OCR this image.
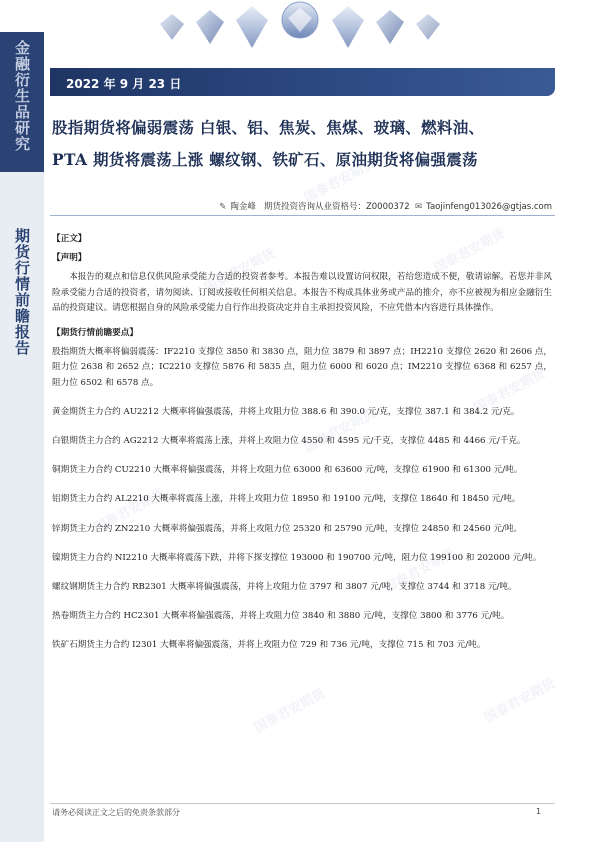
金融衍生品研究
期货行情前瞻报告
2022 年 9 月 23 日
股指期货将偏弱震荡 白银、铝、焦炭、焦煤、玻璃、燃料油、
PTA 期货将震荡上涨 螺纹钢、铁矿石、原油期货将偏强震荡
✎ 陶金峰 期货投资咨询从业资格号：Z0000372 ✉ Taojinfeng013026@gtjas.com
国泰君安期货
国泰君安期货	国泰君安期货
国泰君安期货
国泰君安期货
国泰君安期货
国泰君安期货
国泰君安期货
国泰君安期货
【正文】
【声明】

本报告的观点和信息仅供风险承受能力合适的投资者参考。本报告难以设置访问权限，若给您造成不便，敬请谅解。若您并非风险承受能力合适的投资者，请勿阅读、订阅或接收任何相关信息。本报告不构成具体业务或产品的推介，亦不应被视为相应金融衍生品的投资建议。请您根据自身的风险承受能力自行作出投资决定并自主承担投资风险，不应凭借本内容进行具体操作。

【期货行情前瞻要点】

股指期货大概率将偏弱震荡：IF2210 支撑位 3850 和 3830 点，阻力位 3879 和 3897 点；IH2210 支撑位 2620 和 2606 点，阻力位 2638 和 2652 点；IC2210 支撑位 5876 和 5835 点，阻力位 6000 和 6020 点；IM2210 支撑位 6368 和 6257 点，阻力位 6502 和 6578 点。

黄金期货主力合约 AU2212 大概率将偏强震荡，并将上攻阻力位 388.6 和 390.0 元/克，支撑位 387.1 和 384.2 元/克。

白银期货主力合约 AG2212 大概率将震荡上涨，并将上攻阻力位 4550 和 4595 元/千克，支撑位 4485 和 4466 元/千克。

铜期货主力合约 CU2210 大概率将偏强震荡，并将上攻阻力位 63000 和 63600 元/吨，支撑位 61900 和 61300 元/吨。

铝期货主力合约 AL2210 大概率将震荡上涨，并将上攻阻力位 18950 和 19100 元/吨，支撑位 18640 和 18450 元/吨。

锌期货主力合约 ZN2210 大概率将偏强震荡，并将上攻阻力位 25320 和 25790 元/吨，支撑位 24850 和 24560 元/吨。

镍期货主力合约 NI2210 大概率将震荡下跌，并将下探支撑位 193000 和 190700 元/吨，阻力位 199100 和 202000 元/吨。

螺纹钢期货主力合约 RB2301 大概率将偏强震荡，并将上攻阻力位 3797 和 3807 元/吨，支撑位 3744 和 3718 元/吨。

热卷期货主力合约 HC2301 大概率将偏强震荡，并将上攻阻力位 3840 和 3880 元/吨，支撑位 3800 和 3776 元/吨。

铁矿石期货主力合约 I2301 大概率将偏强震荡，并将上攻阻力位 729 和 736 元/吨，支撑位 715 和 703 元/吨。

请务必阅读正文之后的免责条款部分	1
